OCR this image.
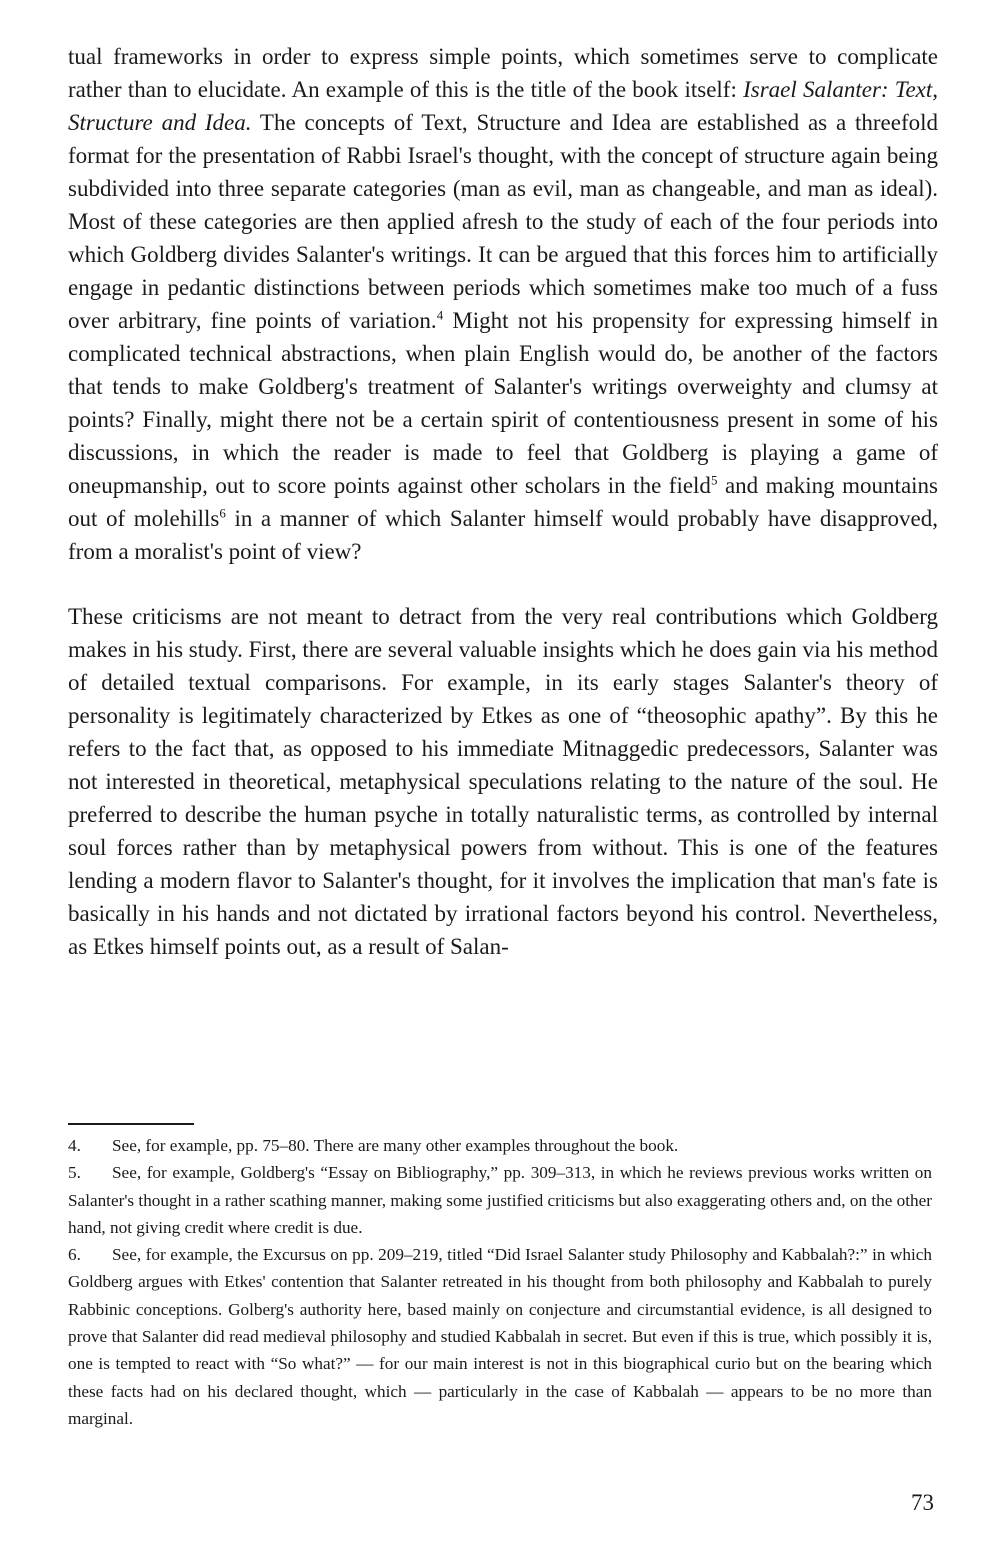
tual frameworks in order to express simple points, which sometimes serve to complicate rather than to elucidate. An example of this is the title of the book itself: Israel Salanter: Text, Structure and Idea. The concepts of Text, Structure and Idea are established as a threefold format for the presentation of Rabbi Israel's thought, with the concept of structure again being subdivided into three separate categories (man as evil, man as changeable, and man as ideal). Most of these categories are then applied afresh to the study of each of the four periods into which Goldberg divides Salanter's writings. It can be argued that this forces him to artificially engage in pedantic distinctions between periods which sometimes make too much of a fuss over arbitrary, fine points of variation.$^4$ Might not his propensity for expressing himself in complicated technical abstractions, when plain English would do, be another of the factors that tends to make Goldberg's treatment of Salanter's writings overweighty and clumsy at points? Finally, might there not be a certain spirit of contentiousness present in some of his discussions, in which the reader is made to feel that Goldberg is playing a game of oneupmanship, out to score points against other scholars in the field$^5$ and making mountains out of molehills$^6$ in a manner of which Salanter himself would probably have disapproved, from a moralist's point of view?

These criticisms are not meant to detract from the very real contributions which Goldberg makes in his study. First, there are several valuable insights which he does gain via his method of detailed textual comparisons. For example, in its early stages Salanter's theory of personality is legitimately characterized by Etkes as one of “theosophic apathy”. By this he refers to the fact that, as opposed to his immediate Mitnaggedic predecessors, Salanter was not interested in theoretical, metaphysical speculations relating to the nature of the soul. He preferred to describe the human psyche in totally naturalistic terms, as controlled by internal soul forces rather than by metaphysical powers from without. This is one of the features lending a modern flavor to Salanter's thought, for it involves the implication that man's fate is basically in his hands and not dictated by irrational factors beyond his control. Nevertheless, as Etkes himself points out, as a result of Salan-

4. See, for example, pp. 75–80. There are many other examples throughout the book.

5. See, for example, Goldberg's “Essay on Bibliography,” pp. 309–313, in which he reviews previous works written on Salanter's thought in a rather scathing manner, making some justified criticisms but also exaggerating others and, on the other hand, not giving credit where credit is due.

6. See, for example, the Excursus on pp. 209–219, titled “Did Israel Salanter study Philosophy and Kabbalah?:” in which Goldberg argues with Etkes' contention that Salanter retreated in his thought from both philosophy and Kabbalah to purely Rabbinic conceptions. Golberg's authority here, based mainly on conjecture and circumstantial evidence, is all designed to prove that Salanter did read medieval philosophy and studied Kabbalah in secret. But even if this is true, which possibly it is, one is tempted to react with “So what?” — for our main interest is not in this biographical curio but on the bearing which these facts had on his declared thought, which — particularly in the case of Kabbalah — appears to be no more than marginal.

73
